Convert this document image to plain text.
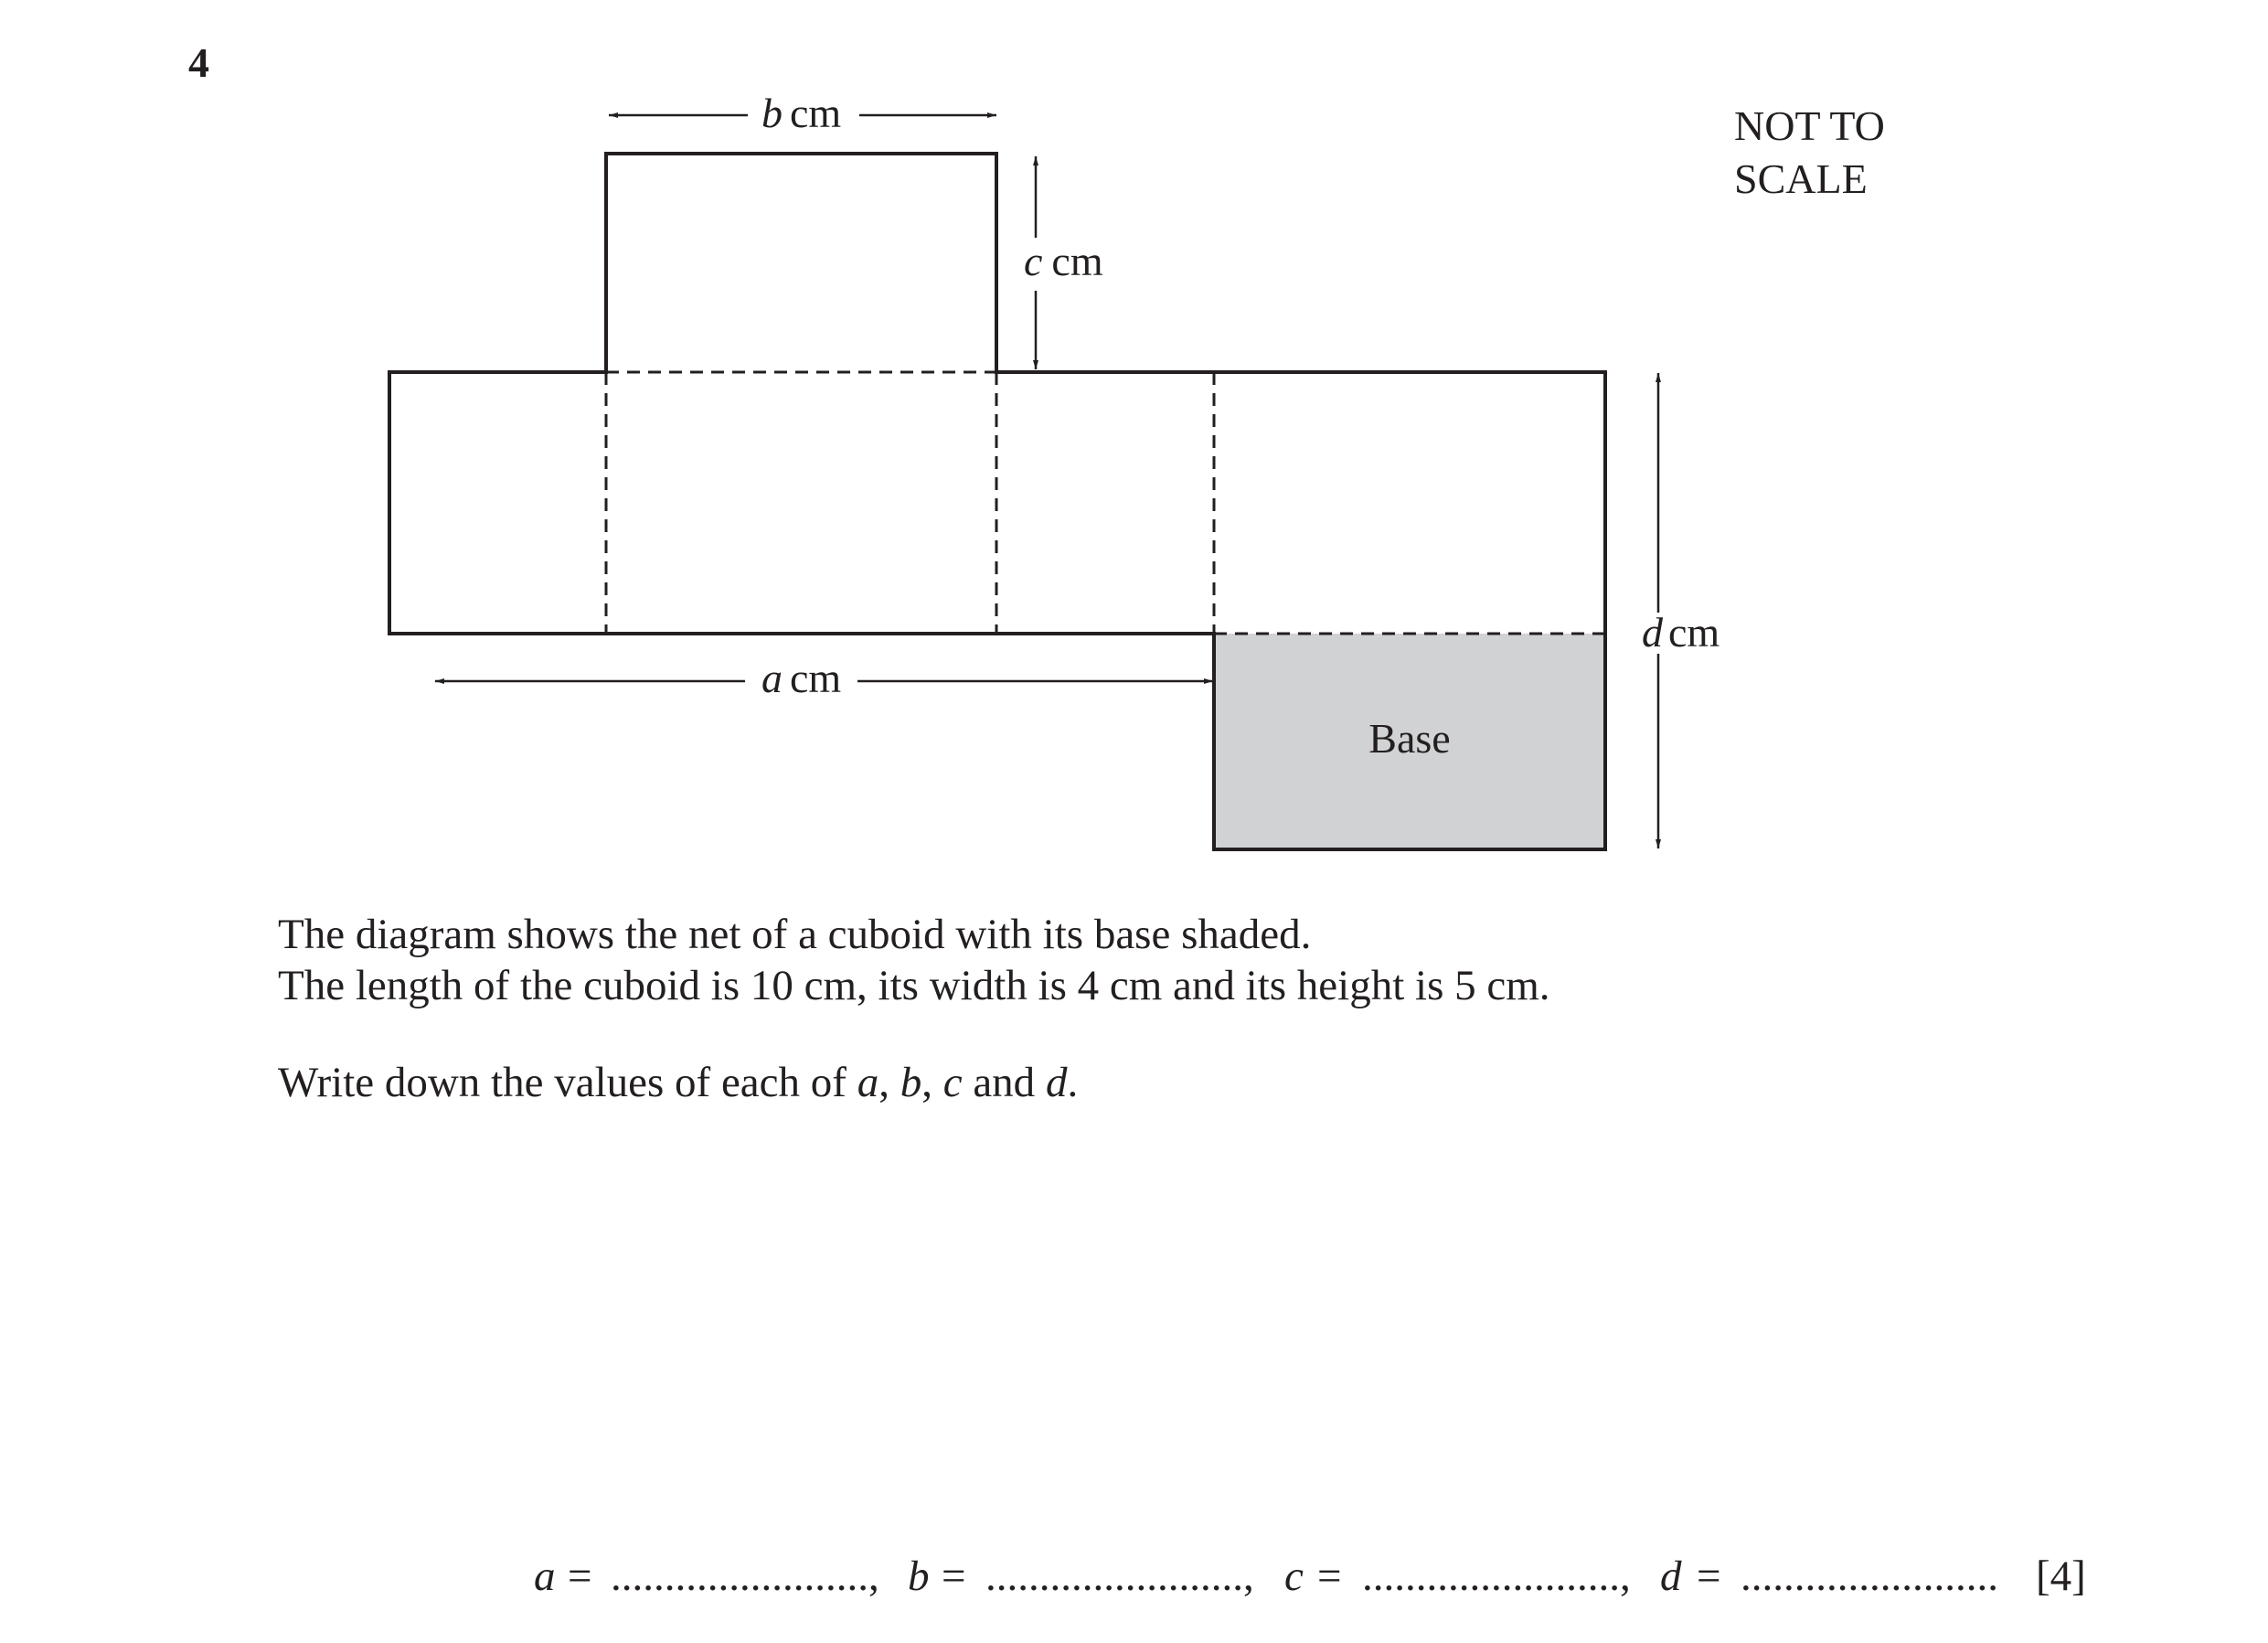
4
b cm
c cm
a cm
d cm
Base
NOT TO
SCALE
The diagram shows the net of a cuboid with its base shaded.
The length of the cuboid is 10 cm, its width is 4 cm and its height is 5 cm.
Write down the values of each of a, b, c and d.
a = ........................, b = ........................, c = ........................, d = ........................ [4]
